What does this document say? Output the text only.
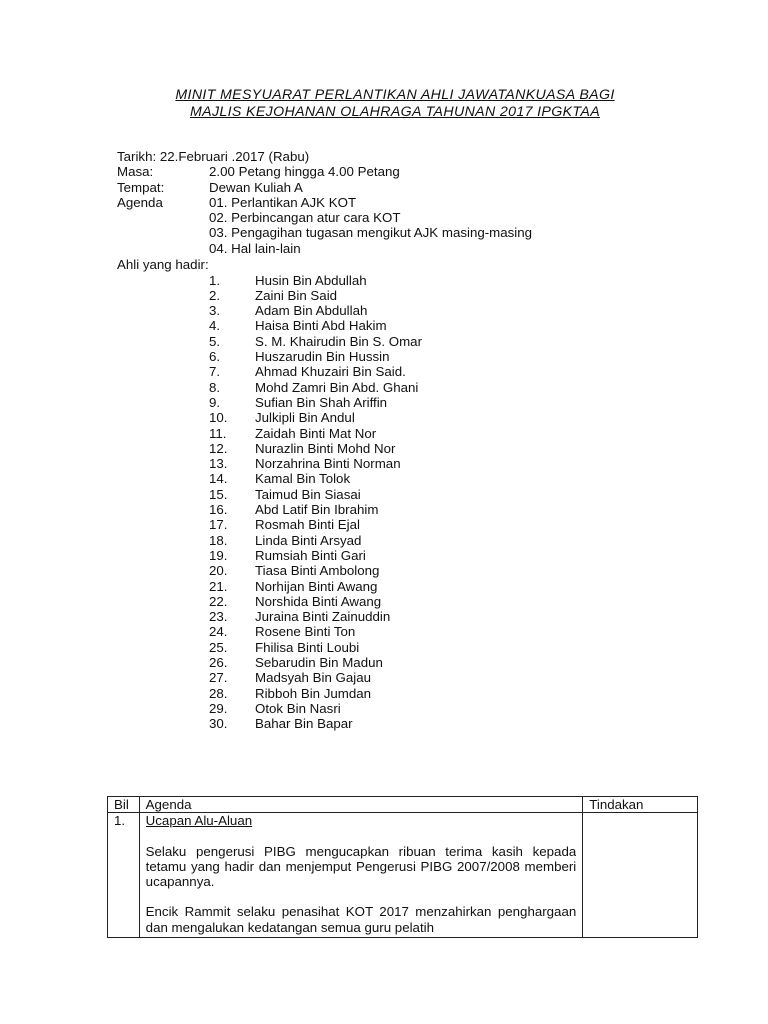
MINIT MESYUARAT PERLANTIKAN AHLI JAWATANKUASA BAGI
MAJLIS KEJOHANAN OLAHRAGA TAHUNAN 2017 IPGKTAA
Tarikh: 22.Februari .2017 (Rabu)
Masa:	2.00 Petang hingga 4.00 Petang
Tempat:	Dewan Kuliah A
Agenda	01. Perlantikan AJK KOT
02. Perbincangan atur cara KOT
03. Pengagihan tugasan mengikut AJK masing-masing
04. Hal lain-lain
Ahli yang hadir:
1.	Husin Bin Abdullah
2.	Zaini Bin Said
3.	Adam Bin Abdullah
4.	Haisa Binti Abd Hakim
5.	S. M. Khairudin Bin S. Omar
6.	Huszarudin Bin Hussin
7.	Ahmad Khuzairi Bin Said.
8.	Mohd Zamri Bin Abd. Ghani
9.	Sufian Bin Shah Ariffin
10. Julkipli Bin Andul
11. Zaidah Binti Mat Nor
12. Nurazlin Binti Mohd Nor
13. Norzahrina Binti Norman
14. Kamal Bin Tolok
15. Taimud Bin Siasai
16. Abd Latif Bin Ibrahim
17. Rosmah Binti Ejal
18. Linda Binti Arsyad
19. Rumsiah Binti Gari
20. Tiasa Binti Ambolong
21. Norhijan Binti Awang
22. Norshida Binti Awang
23. Juraina Binti Zainuddin
24. Rosene Binti Ton
25. Fhilisa Binti Loubi
26. Sebarudin Bin Madun
27. Madsyah Bin Gajau
28. Ribboh Bin Jumdan
29. Otok Bin Nasri
30. Bahar Bin Bapar
Bil	Agenda	Tindakan
1.	Ucapan Alu-Aluan

Selaku pengerusi PIBG mengucapkan ribuan terima kasih kepada tetamu yang hadir dan menjemput Pengerusi PIBG 2007/2008 memberi ucapannya.

Encik Rammit selaku penasihat KOT 2017 menzahirkan penghargaan dan mengalukan kedatangan semua guru pelatih	
